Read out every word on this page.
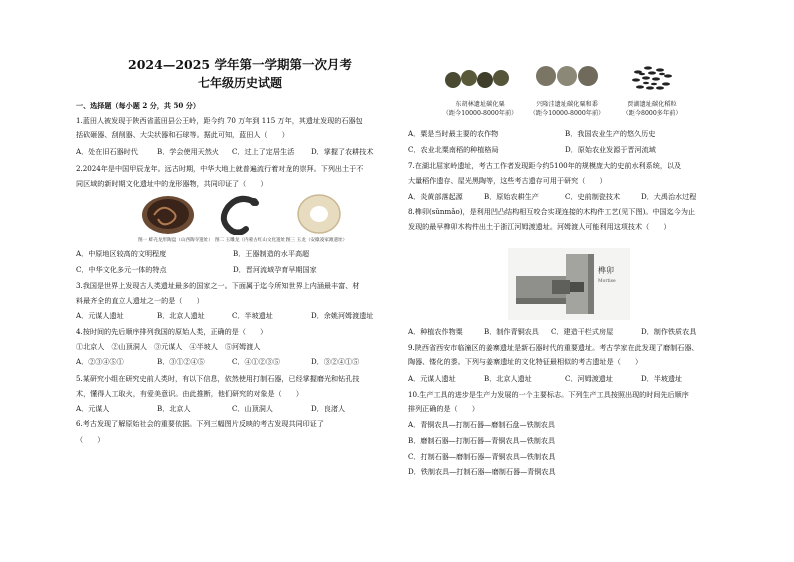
2024—2025 学年第一学期第一次月考
七年级历史试题
一、选择题（每小题 2 分，共 50 分）
1.蓝田人被发现于陕西省蓝田县公王岭，距今约 70 万年到 115 万年，其遗址发现的石器包
括砍砸器、刮削器、大尖状器和石球等。据此可知，蓝田人（　　）
A．处在旧石器时代	B．学会使用天然火 C．过上了定居生活 D．掌握了农耕技术
2.2024年是中国甲辰龙年。远古时期，中华大地上就普遍流行着对龙的崇拜。下列出土于不
同区域的新时期文化遗址中的龙形器物，共同印证了（　　）
图一 蚌壳龙形陶盘（山西陶寺遗址） 图二 玉雕龙（内蒙古红山文化遗址）
图三 玉龙（安徽凌家滩遗址）
A．中原地区较高的文明程度	B．王器制造的水平高超
C．中华文化多元一体的特点	D．晋河流域孕育早期国家
3.我国是世界上发现古人类遗址最多的国家之一。下面属于迄今所知世界上内涵最丰富、材
料最齐全的直立人遗址之一的是（　　）
A．元谋人遗址	B．北京人遗址	C．半坡遗址	D．余姚河姆渡遗址
4.按时间的先后顺序排列我国的原始人类，正确的是（　　）
①北京人　②山顶洞人　③元谋人　④半坡人　⑤河姆渡人
A．②③④⑤①	B．③①②④⑤	C．④①②③⑤	D．③②④①⑤
5.某研究小组在研究史前人类时，有以下信息，依然使用打制石器，已经掌握磨光和钻孔技
术，懂得人工取火，有爱美意识。由此推断，他们研究的对象是（　　）
A．元谋人	B．北京人	C．山顶洞人	D．良渚人
6.考古发现了解原始社会的重要依据。下列三幅图片反映的考古发现共同印证了
（　　）
东胡林遗址碳化粟
（距今10000-8000年前）
兴隆洼遗址碳化粟和黍
（距今10000-8000年前）
贾湖遗址碳化稻粒
（距今8000多年前）
A．粟是当时最主要的农作物	B．我国农业生产的悠久历史
C．农业北粟南稻的种植格局	D．原始农业发源于晋河流域
7.在湖北屈家岭遗址，考古工作者发现距今约5100年的规模庞大的史前水利系统，以及
大量稻作遗存、屋光黑陶等，这些考古遗存可用于研究（　　）
A．炎黄部落起源	B．原始农耕生产	C．史前制瓷技术	D．大禹治水过程
8.榫卯(sǔnmǎo)，是利用凹凸结构相互咬合实现连接的木构件工艺(见下图)。中国迄今为止
发现的最早榫卯木构件出土于浙江河姆渡遗址。河姆渡人可能利用这项技术（　　）
榫卯
Mortise
A．种植农作物粟	B．制作青铜农具 C．建造干栏式房屋	D．制作铁质农具
9.陕西省西安市临潼区的姜寨遗址是新石器时代的重要遗址。考古学家在此发现了磨制石器、
陶器、镂化的黍。下列与姜寨遗址的文化特征最相似的考古遗址是（　　）
A．元谋人遗址	B．北京人遗址	C．河姆渡遗址	D．半坡遗址
10.生产工具的进步是生产力发展的一个主要标志。下列生产工具按照出现的时间先后顺序
排列正确的是（　　）
A．青铜农具—打制石器—磨制石盘—铁制农具
B．磨制石器—打制石器—青铜农具—铁制农具
C．打制石器—磨制石器—青铜农具—铁制农具
D．铁制农具—打制石器—磨制石器—青铜农具
